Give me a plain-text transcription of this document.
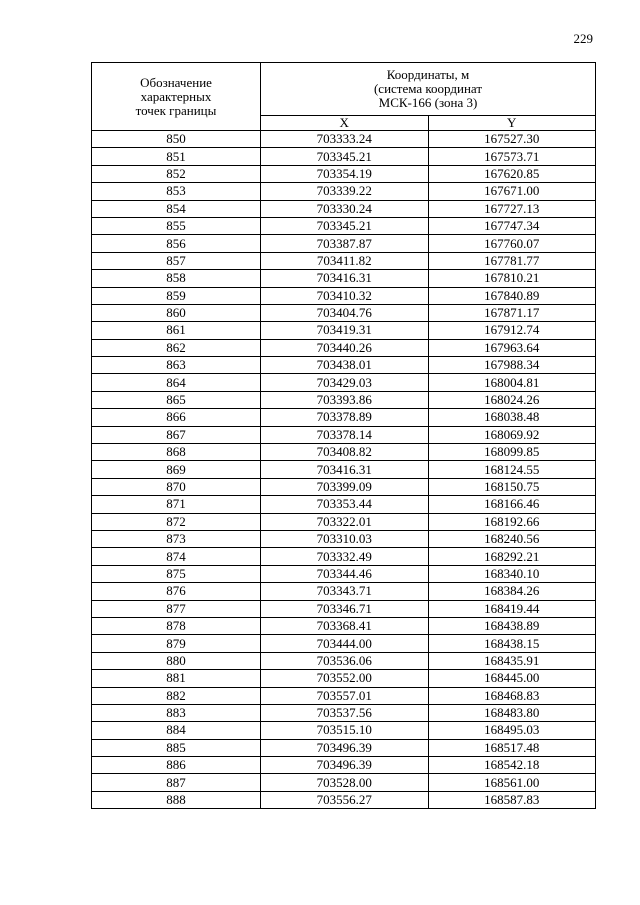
229
Обозначение
характерных
точек границы	Координаты, м
(система координат
МСК-166 (зона 3)	

	X	Y
850	703333.24	167527.30
851	703345.21	167573.71
852	703354.19	167620.85
853	703339.22	167671.00
854	703330.24	167727.13
855	703345.21	167747.34
856	703387.87	167760.07
857	703411.82	167781.77
858	703416.31	167810.21
859	703410.32	167840.89
860	703404.76	167871.17
861	703419.31	167912.74
862	703440.26	167963.64
863	703438.01	167988.34
864	703429.03	168004.81
865	703393.86	168024.26
866	703378.89	168038.48
867	703378.14	168069.92
868	703408.82	168099.85
869	703416.31	168124.55
870	703399.09	168150.75
871	703353.44	168166.46
872	703322.01	168192.66
873	703310.03	168240.56
874	703332.49	168292.21
875	703344.46	168340.10
876	703343.71	168384.26
877	703346.71	168419.44
878	703368.41	168438.89
879	703444.00	168438.15
880	703536.06	168435.91
881	703552.00	168445.00
882	703557.01	168468.83
883	703537.56	168483.80
884	703515.10	168495.03
885	703496.39	168517.48
886	703496.39	168542.18
887	703528.00	168561.00
888	703556.27	168587.83
